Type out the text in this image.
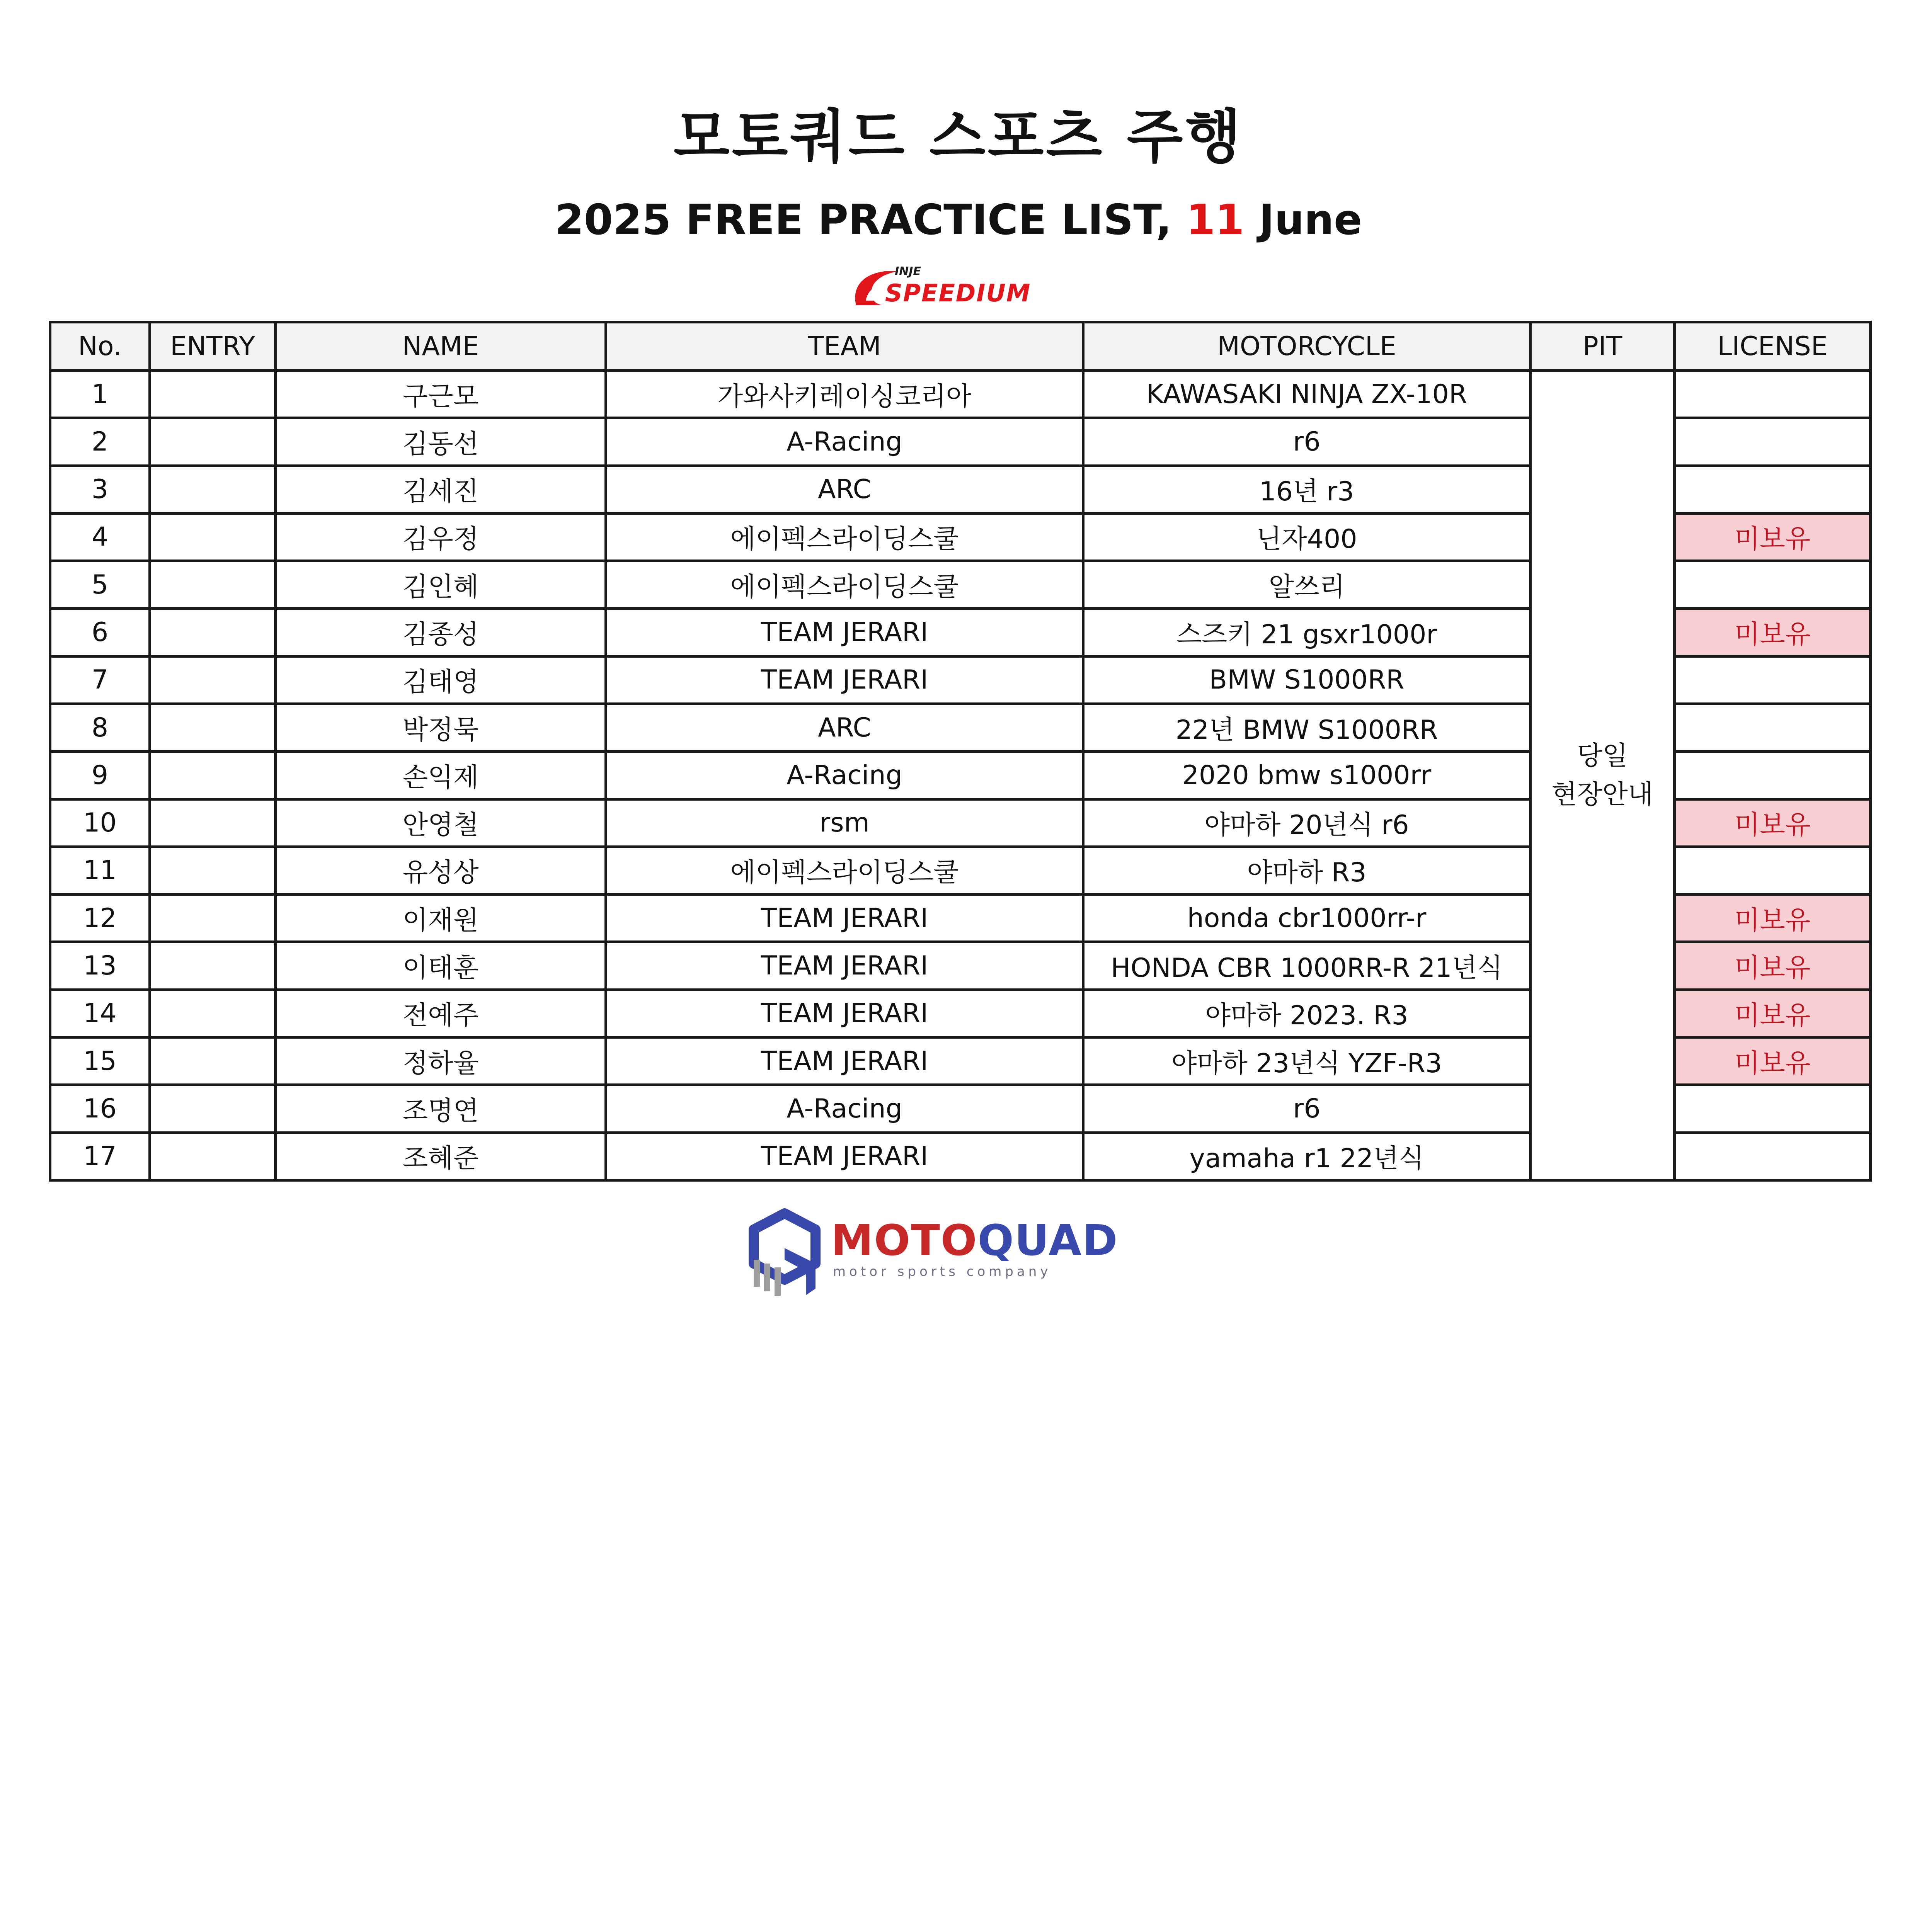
모토쿼드 스포츠 주행
2025 FREE PRACTICE LIST, 11 June
INJE
SPEEDIUM
No.	ENTRY	NAME	TEAM	MOTORCYCLE	PIT	LICENSE
1		구근모	가와사키레이싱코리아	KAWASAKI NINJA ZX-10R	당일
현장안내	
2		김동선	A-Racing	r6		
3		김세진	ARC	16년 r3		
4		김우정	에이펙스라이딩스쿨	닌자400		미보유
5		김인혜	에이펙스라이딩스쿨	알쓰리		
6		김종성	TEAM JERARI	스즈키 21 gsxr1000r		미보유
7		김태영	TEAM JERARI	BMW S1000RR		
8		박정묵	ARC	22년 BMW S1000RR		
9		손익제	A-Racing	2020 bmw s1000rr		
10		안영철	rsm	야마하 20년식 r6		미보유
11		유성상	에이펙스라이딩스쿨	야마하 R3		
12		이재원	TEAM JERARI	honda cbr1000rr-r		미보유
13		이태훈	TEAM JERARI	HONDA CBR 1000RR-R 21년식		미보유
14		전예주	TEAM JERARI	야마하 2023. R3		미보유
15		정하율	TEAM JERARI	야마하 23년식 YZF-R3		미보유
16		조명연	A-Racing	r6		
17		조혜준	TEAM JERARI	yamaha r1 22년식		
MOTOQUAD
motor sports company
